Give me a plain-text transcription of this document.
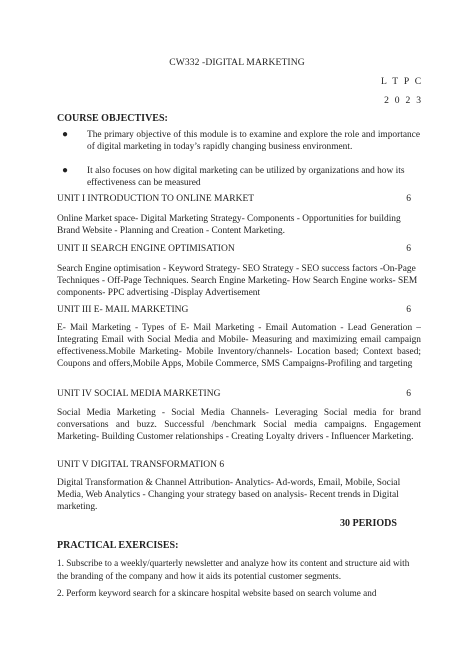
CW332 -DIGITAL MARKETING
L T P C
2 0 2 3
COURSE OBJECTIVES:
● The primary objective of this module is to examine and explore the role and importance of digital marketing in today’s rapidly changing business environment.
● It also focuses on how digital marketing can be utilized by organizations and how its effectiveness can be measured
UNIT I INTRODUCTION TO ONLINE MARKET	6
Online Market space- Digital Marketing Strategy- Components - Opportunities for building Brand Website - Planning and Creation - Content Marketing.
UNIT II SEARCH ENGINE OPTIMISATION	6
Search Engine optimisation - Keyword Strategy- SEO Strategy - SEO success factors -On-Page Techniques - Off-Page Techniques. Search Engine Marketing- How Search Engine works- SEM components- PPC advertising -Display Advertisement
UNIT III E- MAIL MARKETING	6
E- Mail Marketing - Types of E- Mail Marketing - Email Automation - Lead Generation – Integrating Email with Social Media and Mobile- Measuring and maximizing email campaign effectiveness.Mobile Marketing- Mobile Inventory/channels- Location based; Context based; Coupons and offers,Mobile Apps, Mobile Commerce, SMS Campaigns-Profiling and targeting
UNIT IV SOCIAL MEDIA MARKETING	6
Social Media Marketing - Social Media Channels- Leveraging Social media for brand conversations and buzz. Successful /benchmark Social media campaigns. Engagement Marketing- Building Customer relationships - Creating Loyalty drivers - Influencer Marketing.
UNIT V DIGITAL TRANSFORMATION 6
Digital Transformation & Channel Attribution- Analytics- Ad-words, Email, Mobile, Social Media, Web Analytics - Changing your strategy based on analysis- Recent trends in Digital marketing.
30 PERIODS
PRACTICAL EXERCISES:
1. Subscribe to a weekly/quarterly newsletter and analyze how its content and structure aid with the branding of the company and how it aids its potential customer segments.
2. Perform keyword search for a skincare hospital website based on search volume and
